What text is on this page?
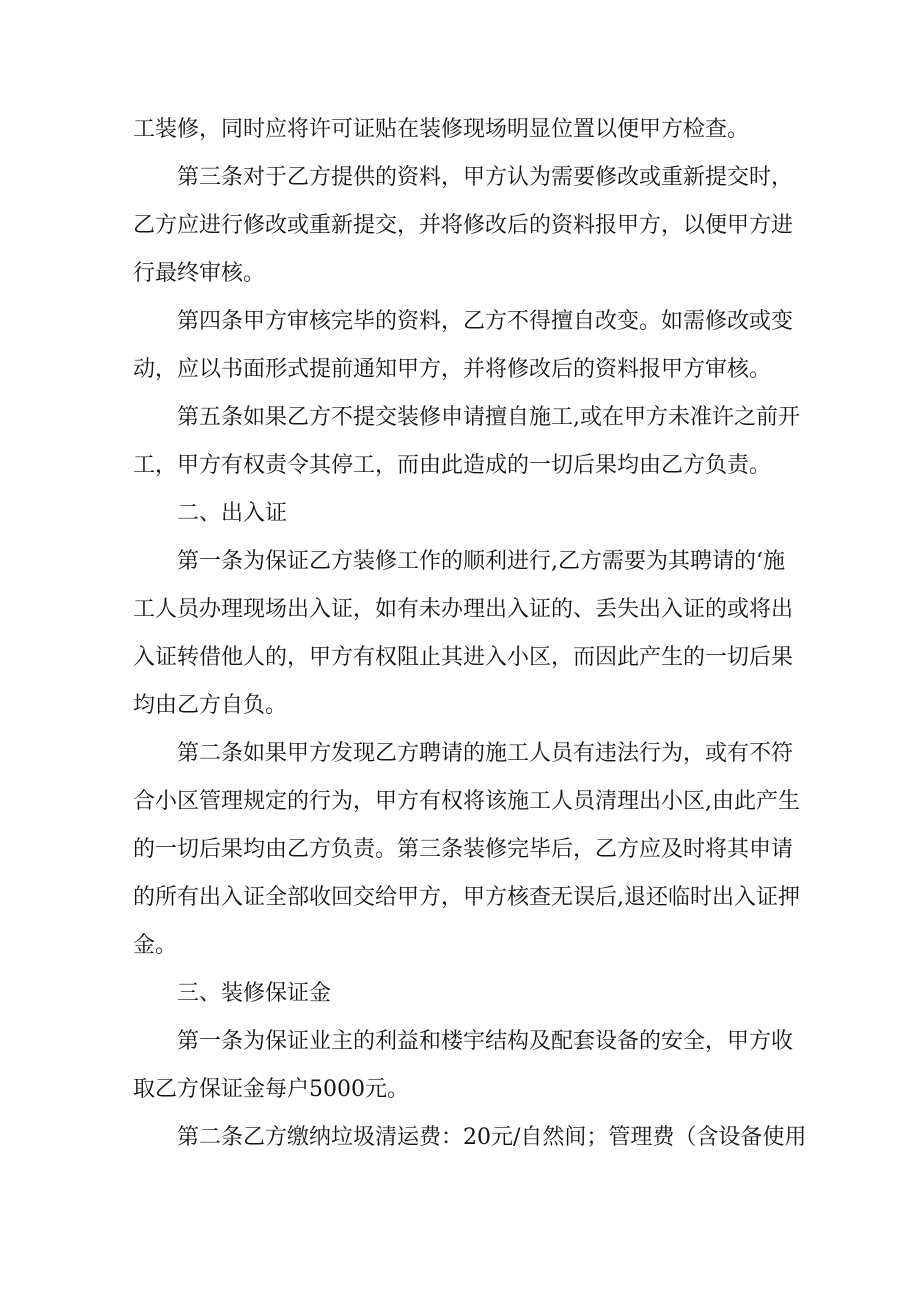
工装修，同时应将许可证贴在装修现场明显位置以便甲方检查。
第三条对于乙方提供的资料，甲方认为需要修改或重新提交时，
乙方应进行修改或重新提交，并将修改后的资料报甲方，以便甲方进
行最终审核。
第四条甲方审核完毕的资料，乙方不得擅自改变。如需修改或变
动，应以书面形式提前通知甲方，并将修改后的资料报甲方审核。
第五条如果乙方不提交装修申请擅自施工,或在甲方未准许之前开
工，甲方有权责令其停工，而由此造成的一切后果均由乙方负责。
二、出入证
第一条为保证乙方装修工作的顺利进行,乙方需要为其聘请的‘施
工人员办理现场出入证，如有未办理出入证的、丢失出入证的或将出
入证转借他人的，甲方有权阻止其进入小区，而因此产生的一切后果
均由乙方自负。
第二条如果甲方发现乙方聘请的施工人员有违法行为，或有不符
合小区管理规定的行为，甲方有权将该施工人员清理出小区,由此产生
的一切后果均由乙方负责。第三条装修完毕后，乙方应及时将其申请
的所有出入证全部收回交给甲方，甲方核查无误后,退还临时出入证押
金。
三、装修保证金
第一条为保证业主的利益和楼宇结构及配套设备的安全，甲方收
取乙方保证金每户5000元。
第二条乙方缴纳垃圾清运费：20元/自然间；管理费（含设备使用
